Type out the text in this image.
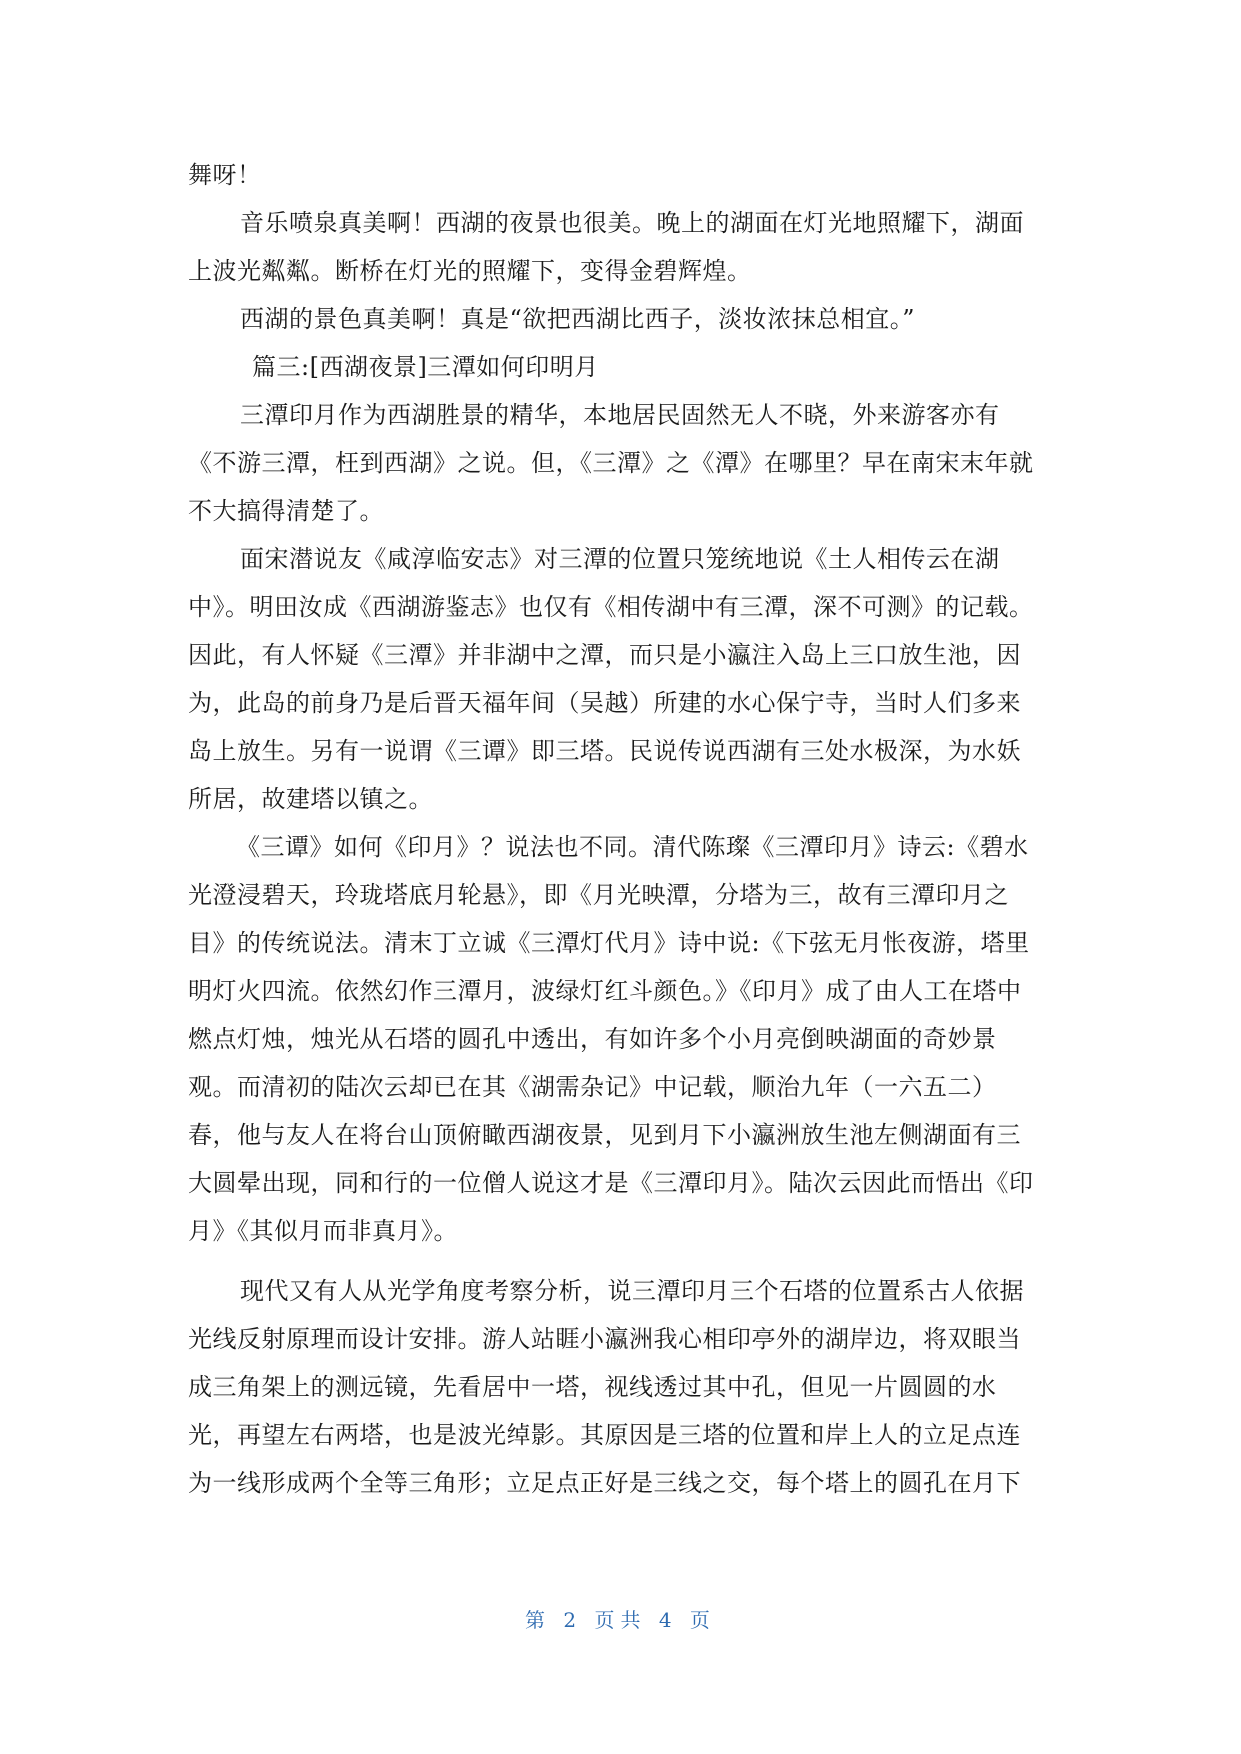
舞呀！
音乐喷泉真美啊！西湖的夜景也很美。晚上的湖面在灯光地照耀下，湖面
上波光粼粼。断桥在灯光的照耀下，变得金碧辉煌。
西湖的景色真美啊！真是“欲把西湖比西子，淡妆浓抹总相宜。”
篇三:[西湖夜景]三潭如何印明月
三潭印月作为西湖胜景的精华，本地居民固然无人不晓，外来游客亦有
《不游三潭，枉到西湖》之说。但，《三潭》之《潭》在哪里？早在南宋末年就
不大搞得清楚了。
面宋潜说友《咸淳临安志》对三潭的位置只笼统地说《土人相传云在湖
中》。明田汝成《西湖游鉴志》也仅有《相传湖中有三潭，深不可测》的记载。
因此，有人怀疑《三潭》并非湖中之潭，而只是小瀛注入岛上三口放生池，因
为，此岛的前身乃是后晋天福年间（吴越）所建的水心保宁寺，当时人们多来
岛上放生。另有一说谓《三谭》即三塔。民说传说西湖有三处水极深，为水妖
所居，故建塔以镇之。
《三谭》如何《印月》？说法也不同。清代陈璨《三潭印月》诗云:《碧水
光澄浸碧天，玲珑塔底月轮悬》，即《月光映潭，分塔为三，故有三潭印月之
目》的传统说法。清末丁立诚《三潭灯代月》诗中说:《下弦无月怅夜游，塔里
明灯火四流。依然幻作三潭月，波绿灯红斗颜色。》《印月》成了由人工在塔中
燃点灯烛，烛光从石塔的圆孔中透出，有如许多个小月亮倒映湖面的奇妙景
观。而清初的陆次云却已在其《湖需杂记》中记载，顺治九年（一六五二）
春，他与友人在将台山顶俯瞰西湖夜景，见到月下小瀛洲放生池左侧湖面有三
大圆晕出现，同和行的一位僧人说这才是《三潭印月》。陆次云因此而悟出《印
月》《其似月而非真月》。
现代又有人从光学角度考察分析，说三潭印月三个石塔的位置系古人依据
光线反射原理而设计安排。游人站睚小瀛洲我心相印亭外的湖岸边，将双眼当
成三角架上的测远镜，先看居中一塔，视线透过其中孔，但见一片圆圆的水
光，再望左右两塔，也是波光绰影。其原因是三塔的位置和岸上人的立足点连
为一线形成两个全等三角形；立足点正好是三线之交，每个塔上的圆孔在月下
第 2 页共 4 页
